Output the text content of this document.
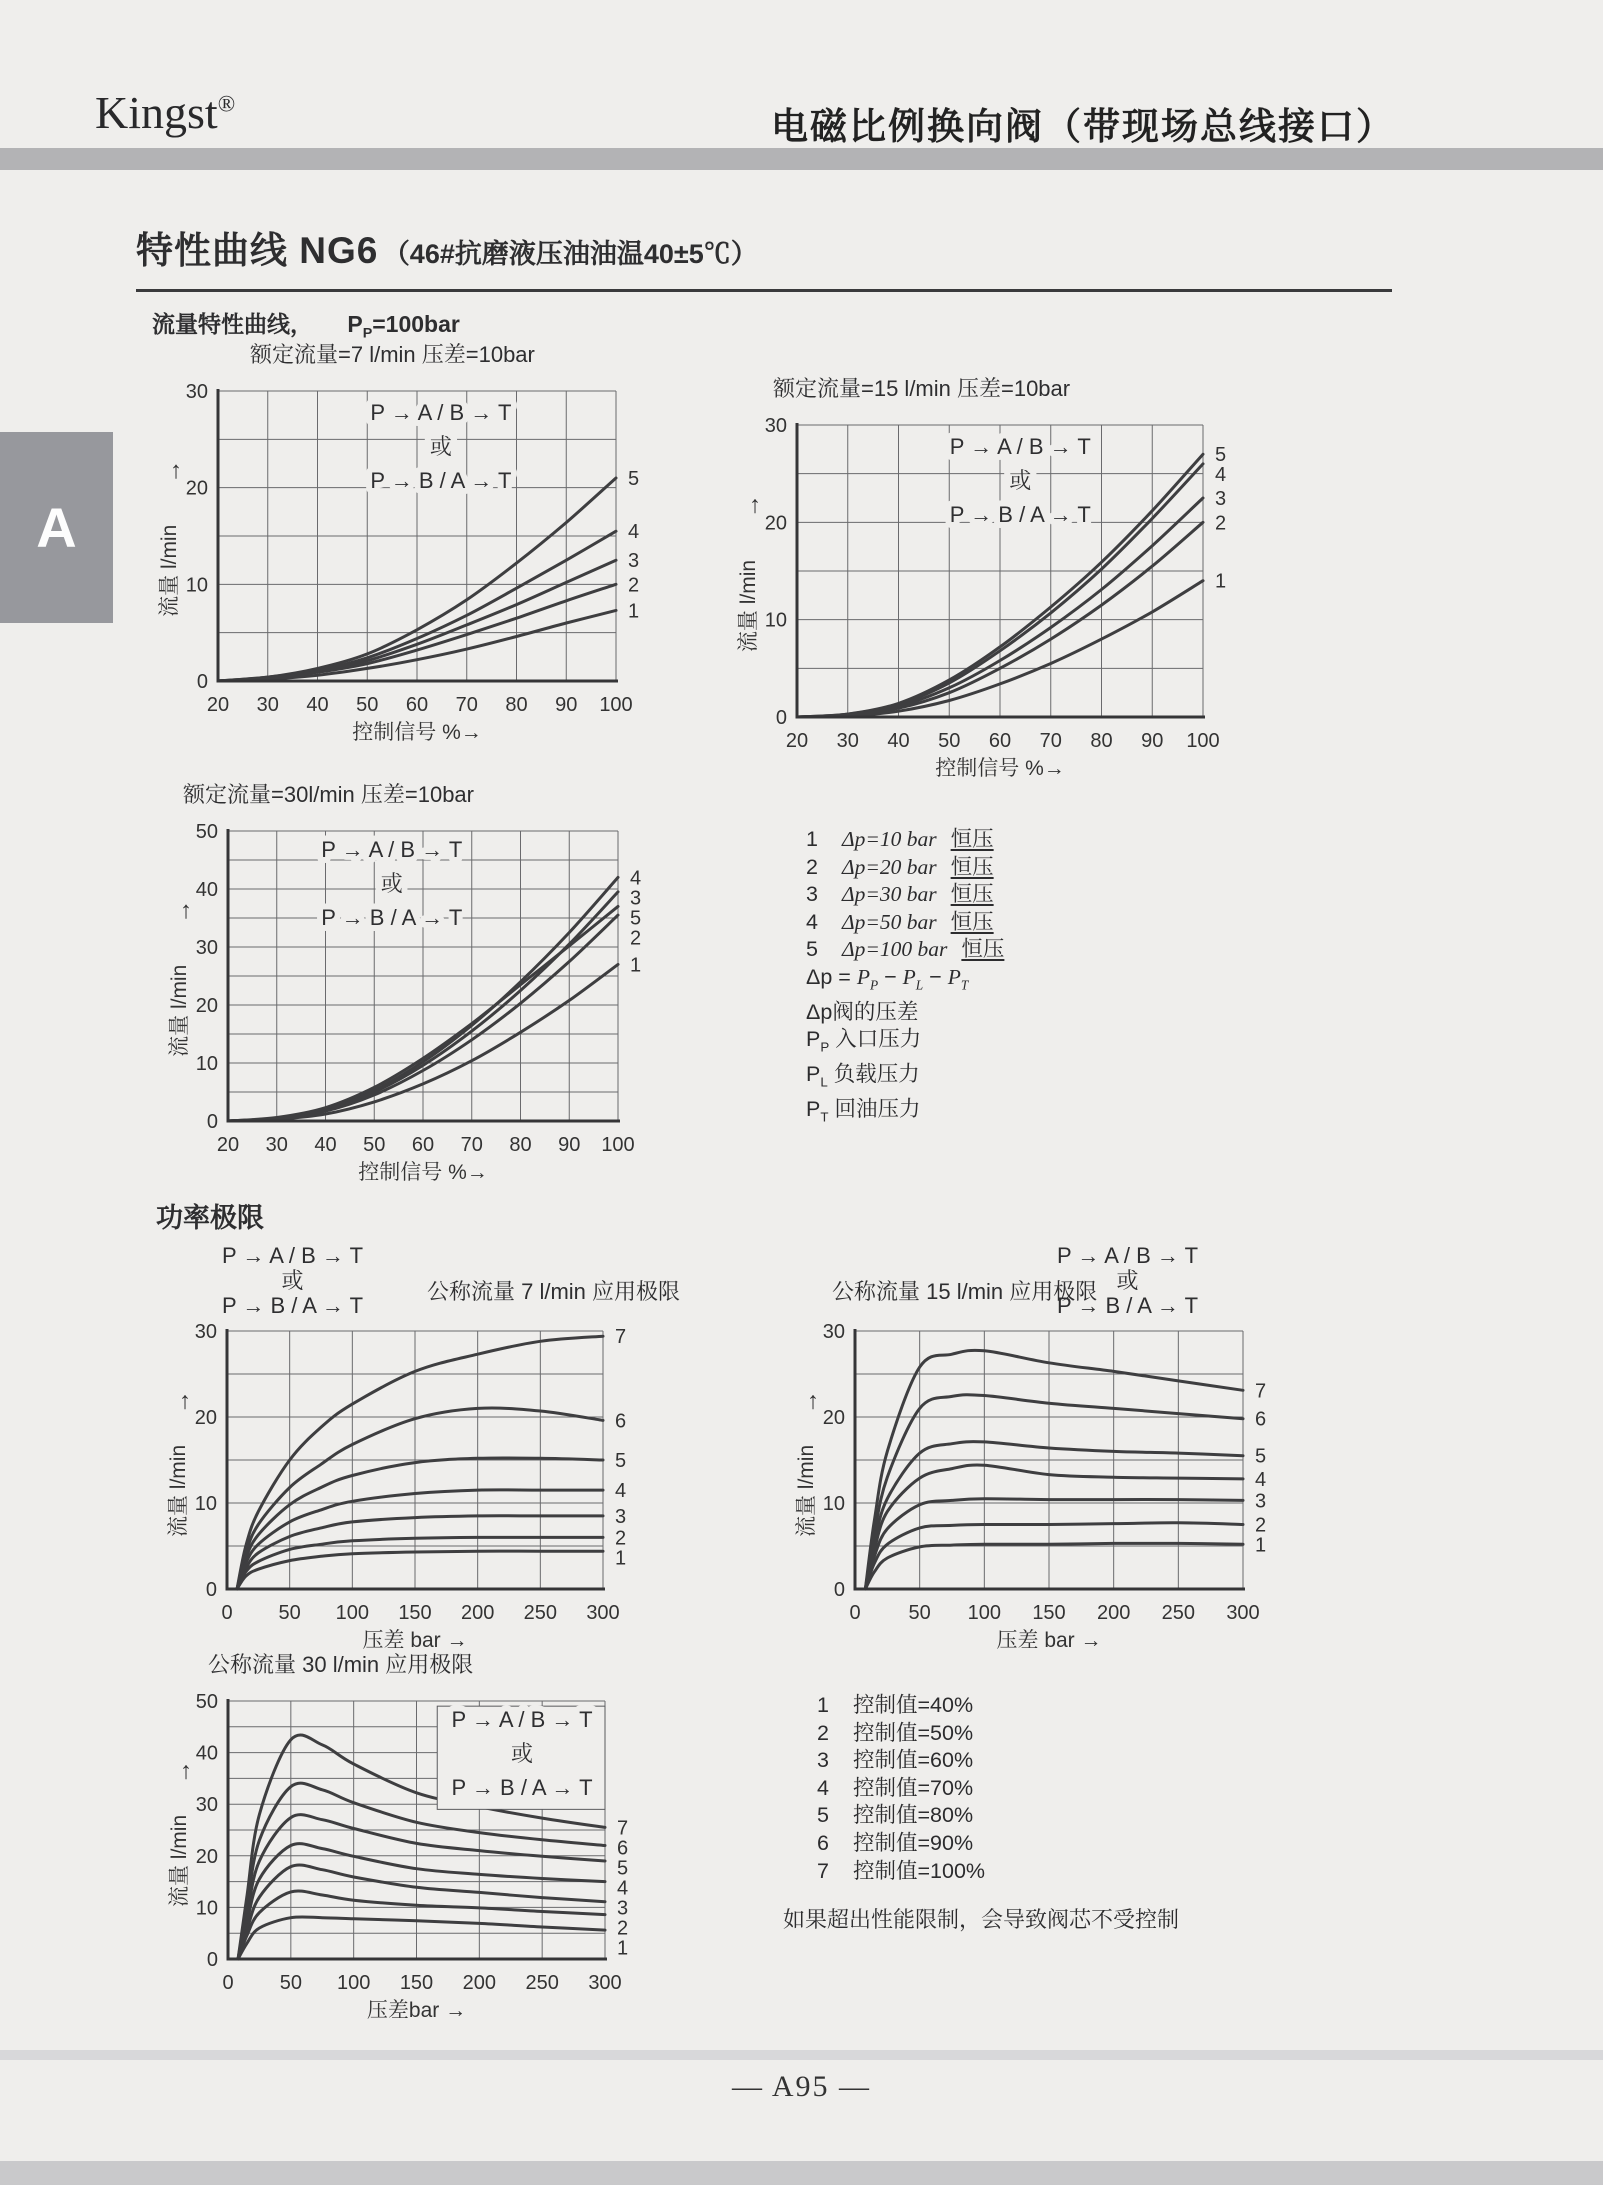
Kingst®
电磁比例换向阀（带现场总线接口）
A
特性曲线 NG6 （46#抗磨液压油油温40±5℃）
流量特性曲线， $P_P=100bar$
额定流量=7 l/min 压差=10bar
0
10
20
30
20 30 40 50 60 70 80 90 100
控制信号 %→
↑
流量 l/min
5
4
3
2
1
P → A / B → T
或
P → B / A → T
额定流量=15 l/min 压差=10bar
0
10
20
30
20 30 40 50 60 70 80 90 100
控制信号 %→
↑
流量 l/min
5
4
3
2
1
P → A / B → T
或
P → B / A → T
额定流量=30l/min 压差=10bar
0
10
20
30
40
50
20 30 40 50 60 70 80 90 100
控制信号 %→
↑
流量 l/min
4
3
5
2
1
P → A / B → T
或
P → B / A → T
1 Δp=10 bar 恒压
2 Δp=20 bar 恒压
3 Δp=30 bar 恒压
4 Δp=50 bar 恒压
5 Δp=100 bar 恒压
$\Delta p = P_P - P_L - P_T$
Δp阀的压差
$P_P$ 入口压力
$P_L$ 负载压力
$P_T$ 回油压力
功率极限
P → A / B → T
或
P → B / A → T
公称流量 7 l/min 应用极限
0
10
20
30
0 50 100 150 200 250 300
压差 bar →
↑
流量 l/min
7
6
5
4
3
2
1
公称流量 15 l/min 应用极限
P → A / B → T
或
P → B / A → T
0
10
20
30
0 50 100 150 200 250 300
压差 bar →
↑
流量 l/min
7
6
5
4
3
2
1
公称流量 30 l/min 应用极限
0
10
20
30
40
50
0 50 100 150 200 250 300
压差bar →
↑
流量 l/min	7
6
5
4
3
2
1
P → A / B → T
或
P → B / A → T
1 控制值=40%
2 控制值=50%
3 控制值=60%
4 控制值=70%
5 控制值=80%
6 控制值=90%
7 控制值=100%
如果超出性能限制，会导致阀芯不受控制
— A95 —
